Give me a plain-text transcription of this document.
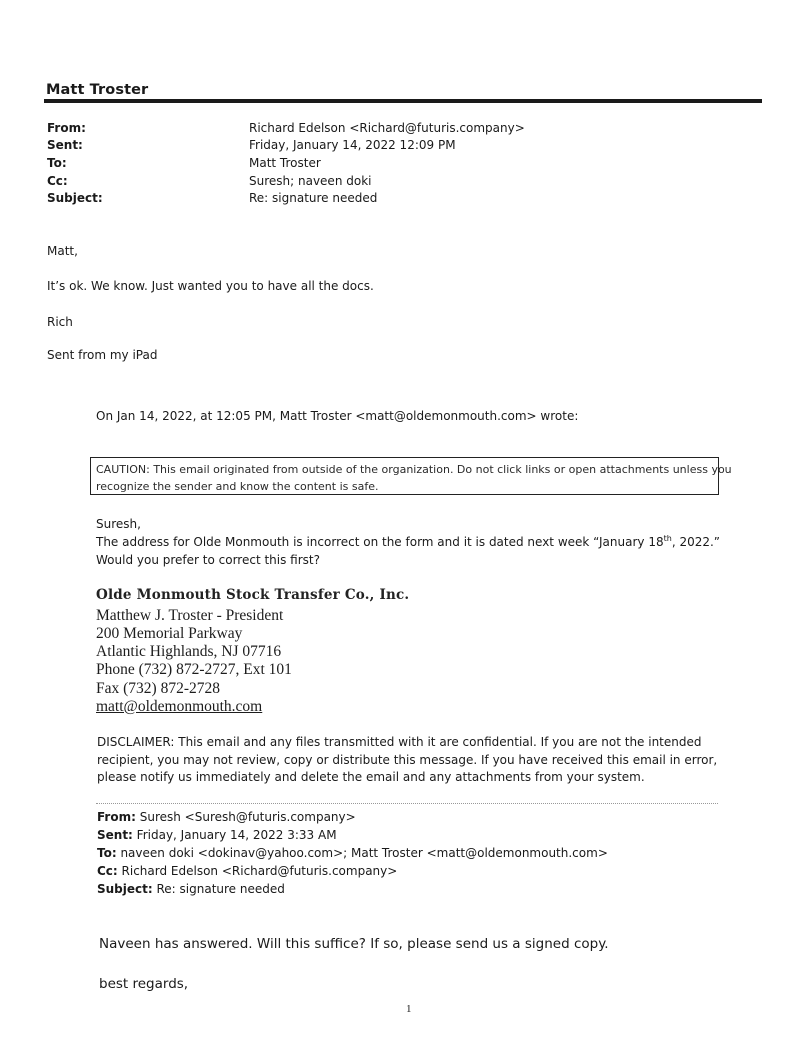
Matt Troster
From:	Richard Edelson <Richard@futuris.company>
Sent:	Friday, January 14, 2022 12:09 PM
To:	Matt Troster
Cc:	Suresh; naveen doki
Subject:	Re: signature needed
Matt,
It’s ok. We know. Just wanted you to have all the docs.
Rich
Sent from my iPad
On Jan 14, 2022, at 12:05 PM, Matt Troster <matt@oldemonmouth.com> wrote:
CAUTION: This email originated from outside of the organization. Do not click links or open attachments unless you
recognize the sender and know the content is safe.
Suresh,
The address for Olde Monmouth is incorrect on the form and it is dated next week “January 18th, 2022.”
Would you prefer to correct this first?
Olde Monmouth Stock Transfer Co., Inc.
Matthew J. Troster - President
200 Memorial Parkway
Atlantic Highlands, NJ 07716
Phone (732) 872-2727, Ext 101
Fax (732) 872-2728
matt@oldemonmouth.com
DISCLAIMER: This email and any files transmitted with it are confidential. If you are not the intended
recipient, you may not review, copy or distribute this message. If you have received this email in error,
please notify us immediately and delete the email and any attachments from your system.
From: Suresh <Suresh@futuris.company>
Sent: Friday, January 14, 2022 3:33 AM
To: naveen doki <dokinav@yahoo.com>; Matt Troster <matt@oldemonmouth.com>
Cc: Richard Edelson <Richard@futuris.company>
Subject: Re: signature needed
Naveen has answered. Will this suffice? If so, please send us a signed copy.
best regards,
1
